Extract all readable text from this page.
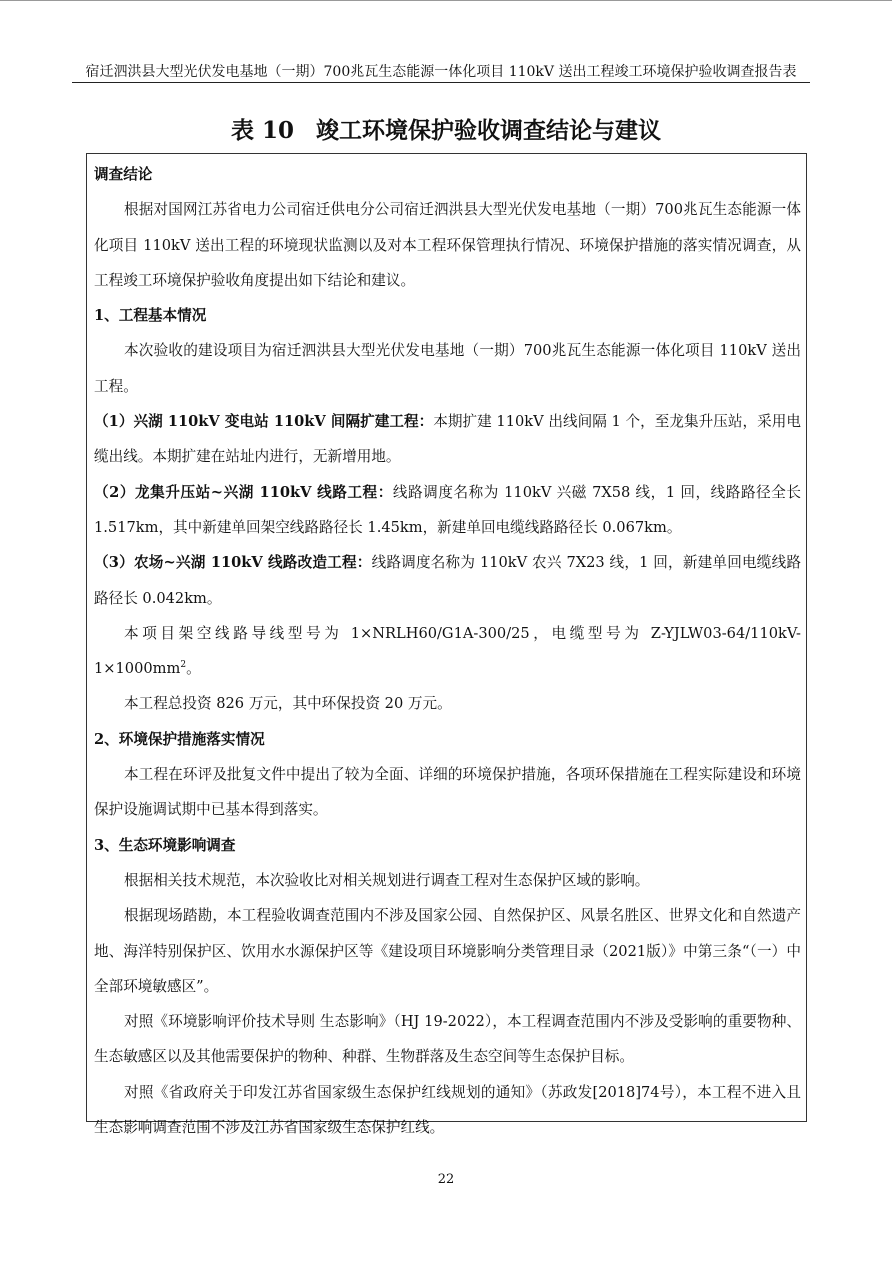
宿迁泗洪县大型光伏发电基地（一期）700兆瓦生态能源一体化项目 110kV 送出工程竣工环境保护验收调查报告表
表 10 竣工环境保护验收调查结论与建议

调查结论

根据对国网江苏省电力公司宿迁供电分公司宿迁泗洪县大型光伏发电基地（一期）700兆瓦生态能源一体化项目 110kV 送出工程的环境现状监测以及对本工程环保管理执行情况、环境保护措施的落实情况调查，从工程竣工环境保护验收角度提出如下结论和建议。

1、工程基本情况

本次验收的建设项目为宿迁泗洪县大型光伏发电基地（一期）700兆瓦生态能源一体化项目 110kV 送出工程。

（1）兴湖 110kV 变电站 110kV 间隔扩建工程：本期扩建 110kV 出线间隔 1 个，至龙集升压站，采用电缆出线。本期扩建在站址内进行，无新增用地。

（2）龙集升压站~兴湖 110kV 线路工程：线路调度名称为 110kV 兴磁 7X58 线，1 回，线路路径全长 1.517km，其中新建单回架空线路路径长 1.45km，新建单回电缆线路路径长 0.067km。

（3）农场~兴湖 110kV 线路改造工程：线路调度名称为 110kV 农兴 7X23 线，1 回，新建单回电缆线路路径长 0.042km。

本项目架空线路导线型号为 1×NRLH60/G1A-300/25，电缆型号为 $Z-YJLW03-64/110kV-1\times 1000mm^2$。

本工程总投资 826 万元，其中环保投资 20 万元。

2、环境保护措施落实情况

本工程在环评及批复文件中提出了较为全面、详细的环境保护措施，各项环保措施在工程实际建设和环境保护设施调试期中已基本得到落实。

3、生态环境影响调查

根据相关技术规范，本次验收比对相关规划进行调查工程对生态保护区域的影响。

根据现场踏勘，本工程验收调查范围内不涉及国家公园、自然保护区、风景名胜区、世界文化和自然遗产地、海洋特别保护区、饮用水水源保护区等《建设项目环境影响分类管理目录（2021版）》中第三条“（一）中全部环境敏感区”。

对照《环境影响评价技术导则 生态影响》（HJ 19-2022），本工程调查范围内不涉及受影响的重要物种、生态敏感区以及其他需要保护的物种、种群、生物群落及生态空间等生态保护目标。

对照《省政府关于印发江苏省国家级生态保护红线规划的通知》（苏政发[2018]74号），本工程不进入且生态影响调查范围不涉及江苏省国家级生态保护红线。

22
